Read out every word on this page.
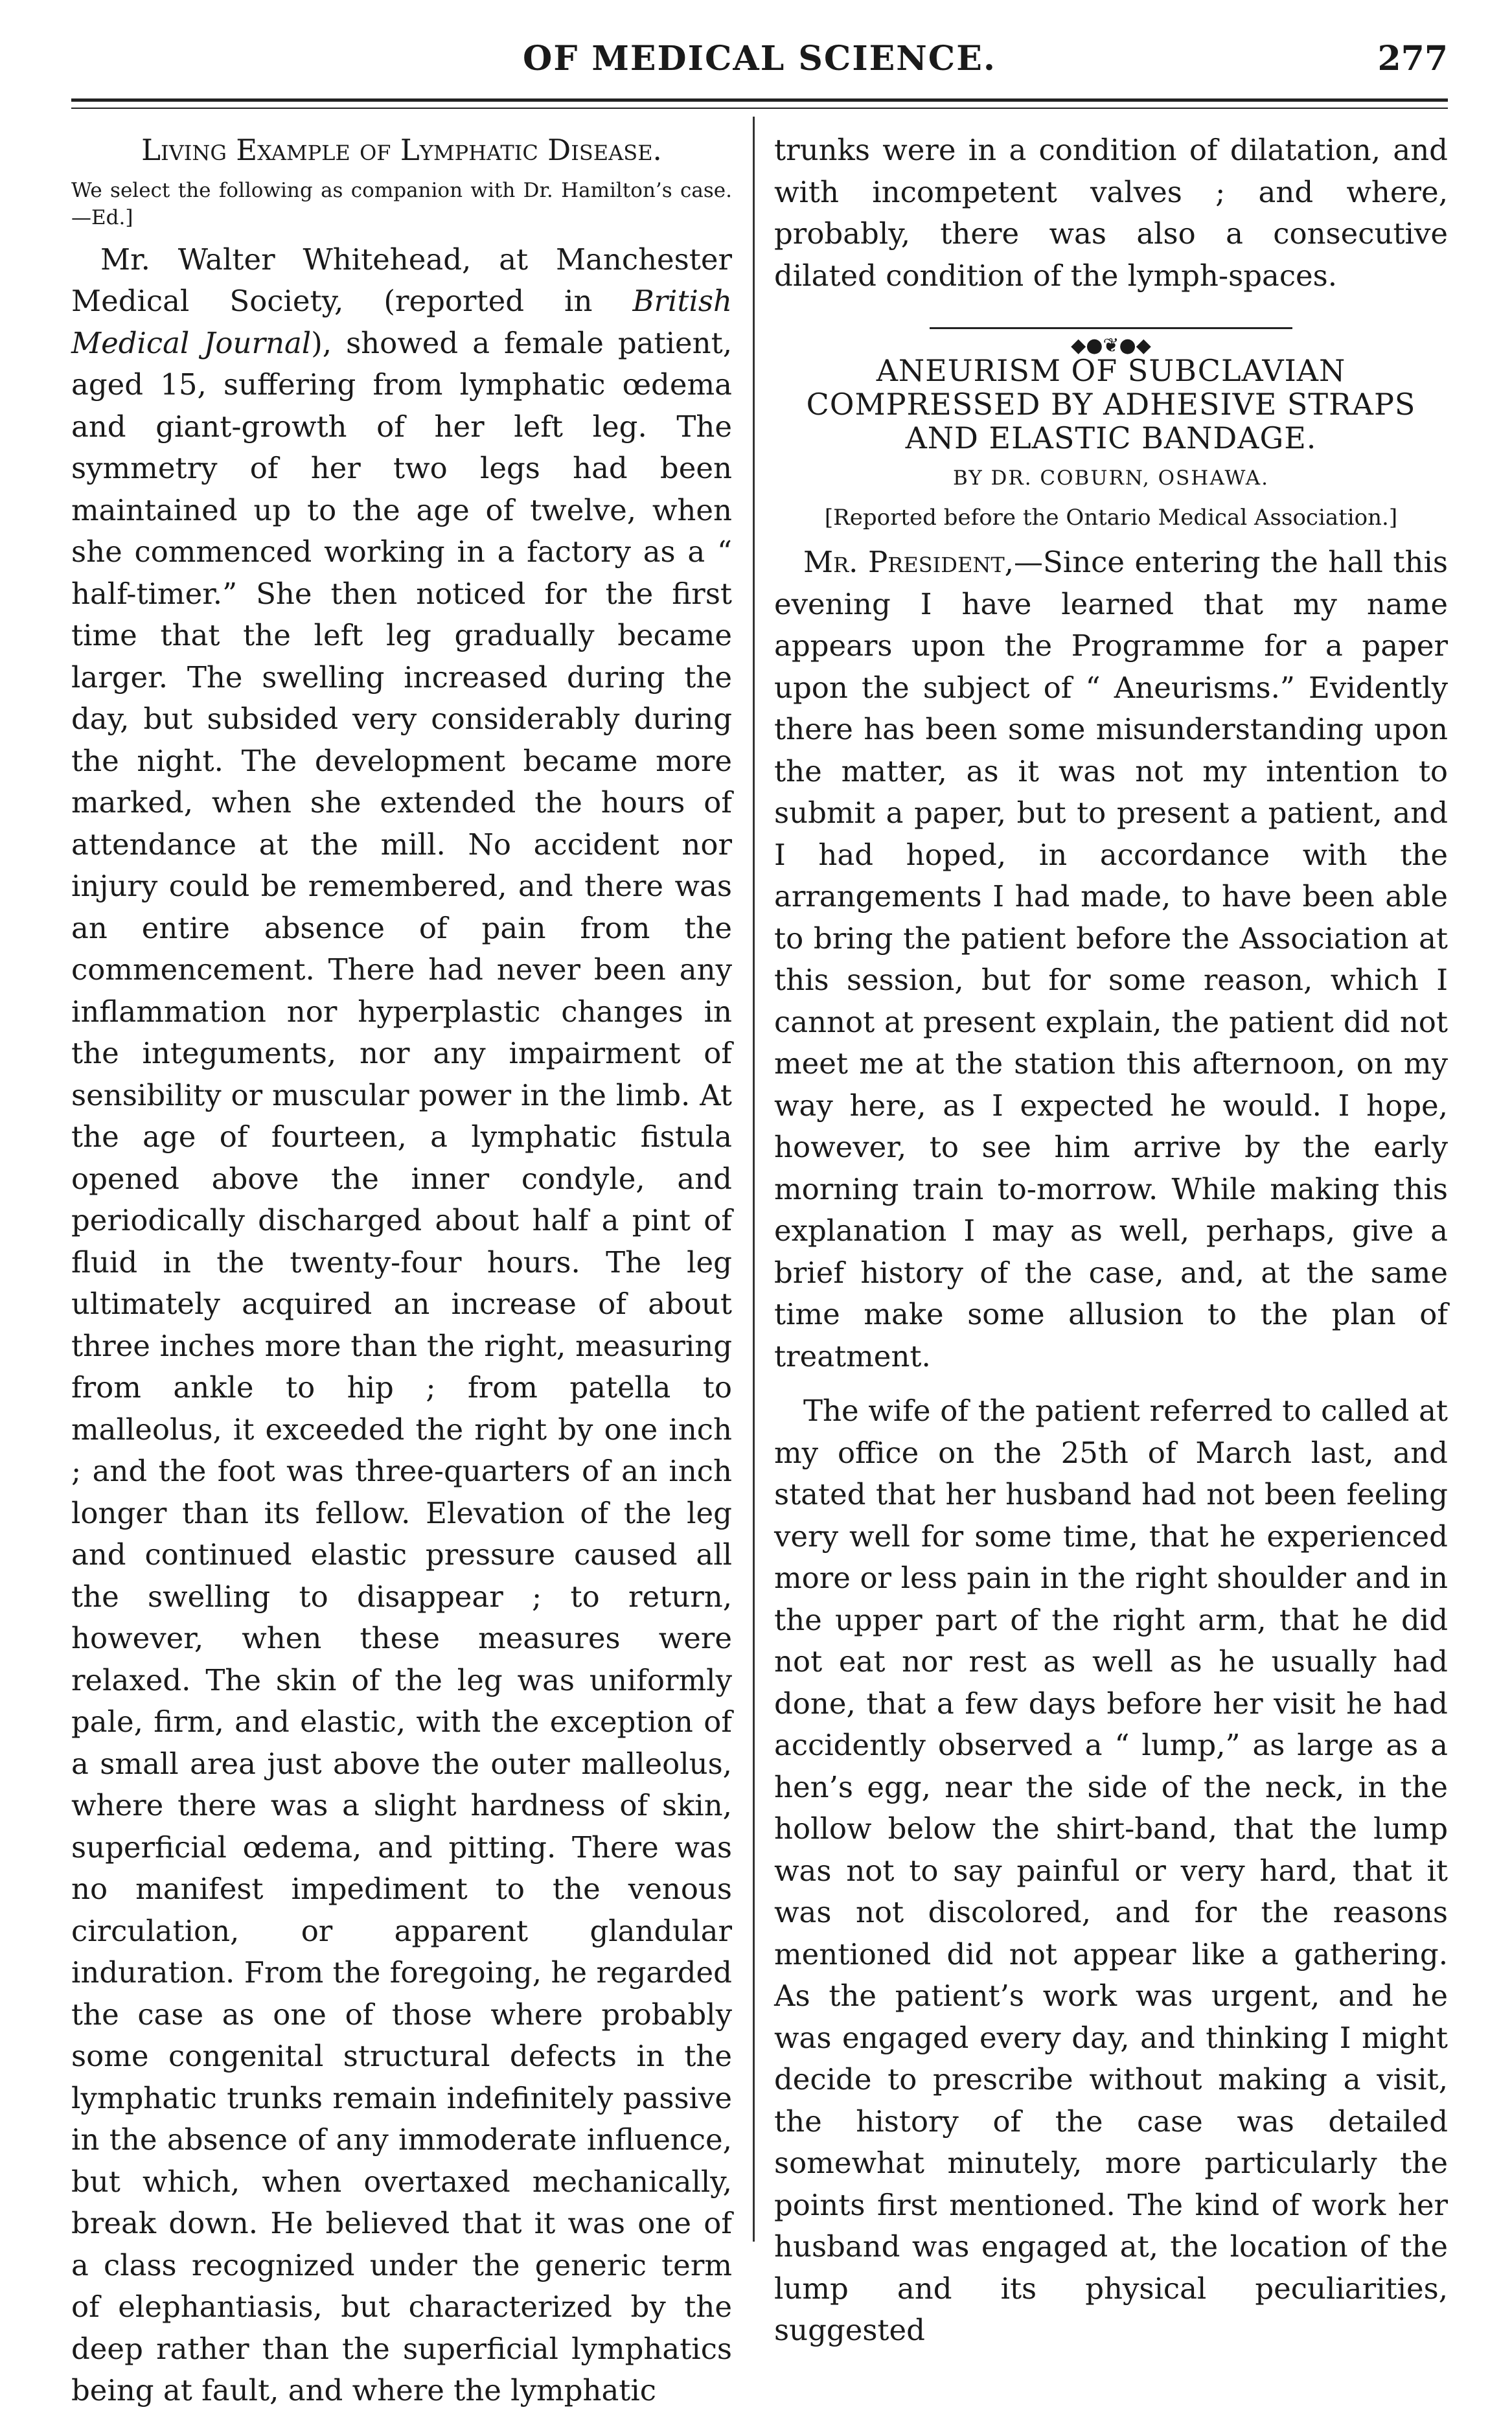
OF MEDICAL SCIENCE.	277
Living Example of Lymphatic Disease.
We select the following as companion with Dr. Hamilton’s case. —Ed.]

Mr. Walter Whitehead, at Manchester Medical Society, (reported in British Medical Journal), showed a female patient, aged 15, suffering from lymphatic œdema and giant-growth of her left leg. The symmetry of her two legs had been maintained up to the age of twelve, when she commenced working in a factory as a “ half-timer.” She then noticed for the first time that the left leg gradually became larger. The swelling increased during the day, but subsided very considerably during the night. The development became more marked, when she extended the hours of attendance at the mill. No accident nor injury could be remembered, and there was an entire absence of pain from the commencement. There had never been any inflammation nor hyperplastic changes in the integuments, nor any impairment of sensibility or muscular power in the limb. At the age of fourteen, a lymphatic fistula opened above the inner condyle, and periodically discharged about half a pint of fluid in the twenty-four hours. The leg ultimately acquired an increase of about three inches more than the right, measuring from ankle to hip ; from patella to malleolus, it exceeded the right by one inch ; and the foot was three-quarters of an inch longer than its fellow. Elevation of the leg and continued elastic pressure caused all the swelling to disappear ; to return, however, when these measures were relaxed. The skin of the leg was uniformly pale, firm, and elastic, with the exception of a small area just above the outer malleolus, where there was a slight hardness of skin, superficial œdema, and pitting. There was no manifest impediment to the venous circulation, or apparent glandular induration. From the foregoing, he regarded the case as one of those where probably some congenital structural defects in the lymphatic trunks remain indefinitely passive in the absence of any immoderate influence, but which, when overtaxed mechanically, break down. He believed that it was one of a class recognized under the generic term of elephantiasis, but characterized by the deep rather than the superficial lymphatics being at fault, and where the lymphatic

trunks were in a condition of dilatation, and with incompetent valves ; and where, probably, there was also a consecutive dilated condition of the lymph-spaces.

◆●❦●◆
ANEURISM OF SUBCLAVIAN COMPRESSED BY ADHESIVE STRAPS AND ELASTIC BANDAGE.
BY DR. COBURN, OSHAWA.
[Reported before the Ontario Medical Association.]

Mr. President,—Since entering the hall this evening I have learned that my name appears upon the Programme for a paper upon the subject of “ Aneurisms.” Evidently there has been some misunderstanding upon the matter, as it was not my intention to submit a paper, but to present a patient, and I had hoped, in accordance with the arrangements I had made, to have been able to bring the patient before the Association at this session, but for some reason, which I cannot at present explain, the patient did not meet me at the station this afternoon, on my way here, as I expected he would. I hope, however, to see him arrive by the early morning train to-morrow. While making this explanation I may as well, perhaps, give a brief history of the case, and, at the same time make some allusion to the plan of treatment.

The wife of the patient referred to called at my office on the 25th of March last, and stated that her husband had not been feeling very well for some time, that he experienced more or less pain in the right shoulder and in the upper part of the right arm, that he did not eat nor rest as well as he usually had done, that a few days before her visit he had accidently observed a “ lump,” as large as a hen’s egg, near the side of the neck, in the hollow below the shirt-band, that the lump was not to say painful or very hard, that it was not discolored, and for the reasons mentioned did not appear like a gathering. As the patient’s work was urgent, and he was engaged every day, and thinking I might decide to prescribe without making a visit, the history of the case was detailed somewhat minutely, more particularly the points first mentioned. The kind of work her husband was engaged at, the location of the lump and its physical peculiarities, suggested
